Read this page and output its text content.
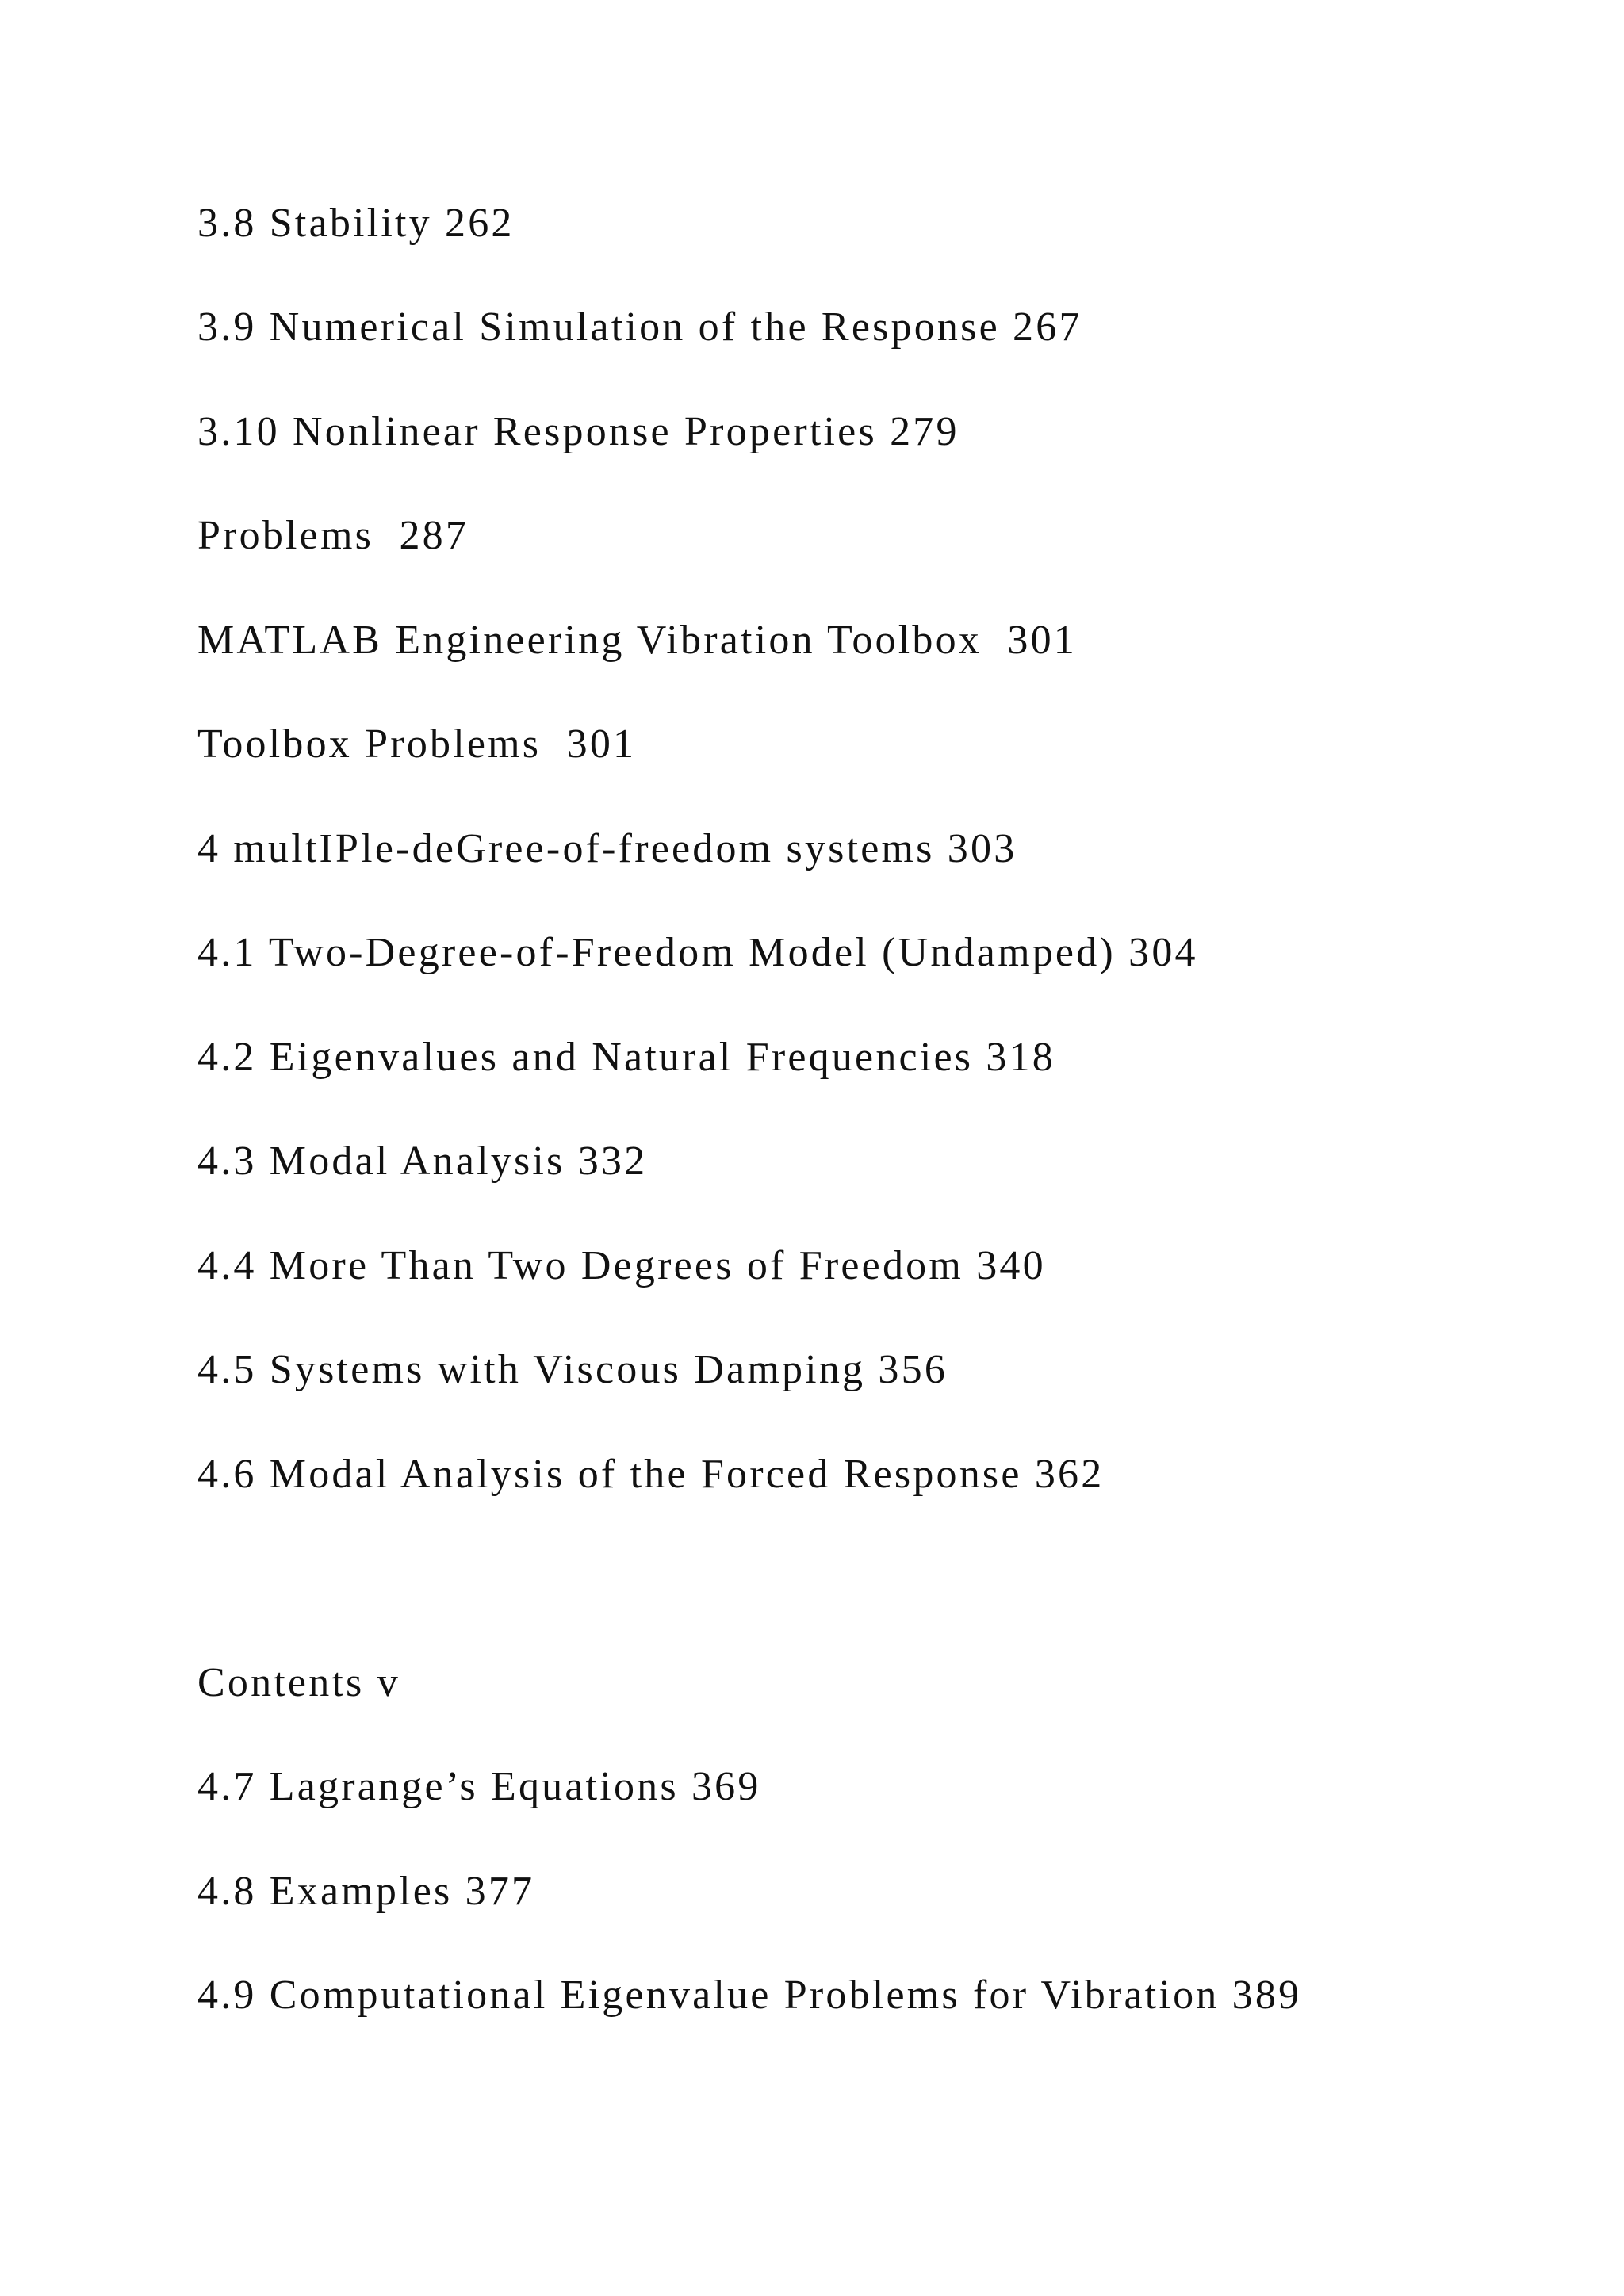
3.8 Stability 262

3.9 Numerical Simulation of the Response 267

3.10 Nonlinear Response Properties 279

Problems  287

MATLAB Engineering Vibration Toolbox  301

Toolbox Problems  301

4 multIPle-deGree-of-freedom systems 303

4.1 Two-Degree-of-Freedom Model (Undamped) 304

4.2 Eigenvalues and Natural Frequencies 318

4.3 Modal Analysis 332

4.4 More Than Two Degrees of Freedom 340

4.5 Systems with Viscous Damping 356

4.6 Modal Analysis of the Forced Response 362

Contents v

4.7 Lagrange’s Equations 369

4.8 Examples 377

4.9 Computational Eigenvalue Problems for Vibration 389
